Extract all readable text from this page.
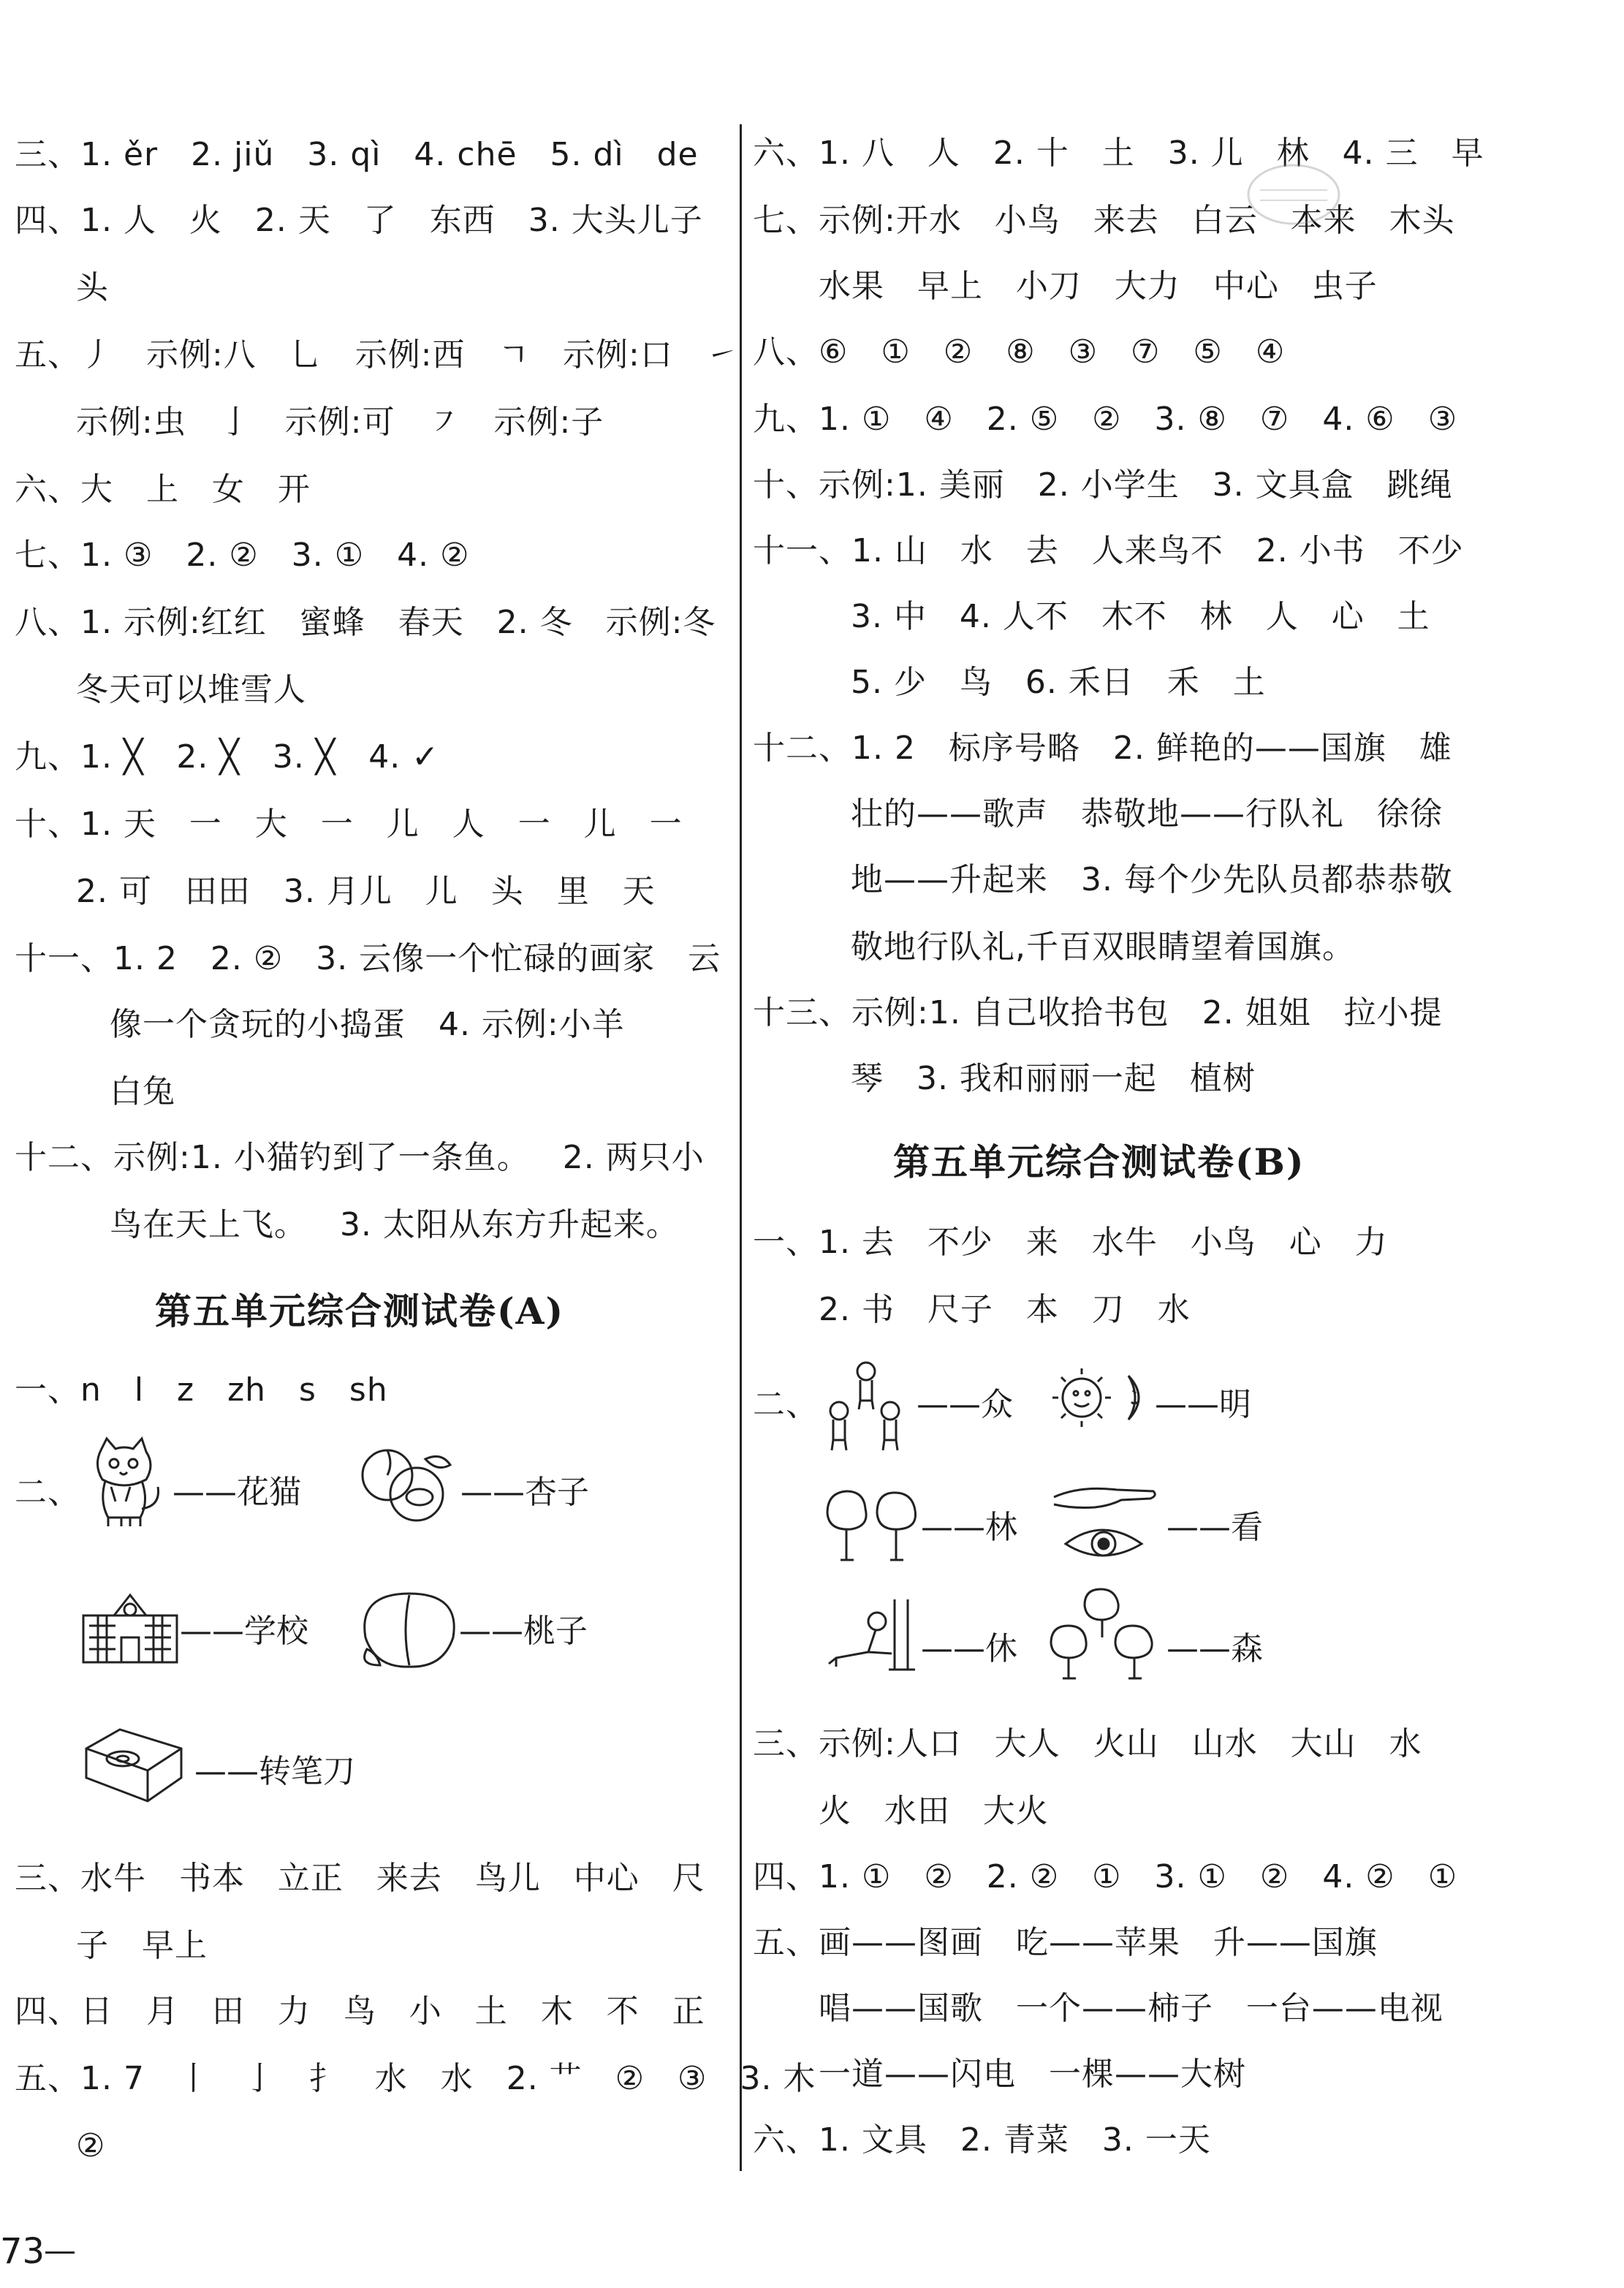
三、1. ěr   2. jiǔ   3. qì   4. chē   5. dì   de
四、1. 人   火   2. 天   了   东西   3. 大头儿子
头
五、丿   示例:八   乚   示例:西   ㄱ   示例:口   ㇀
示例:虫   亅   示例:可   ㇇   示例:子
六、大   上   女   开
七、1. ③   2. ②   3. ①   4. ②
八、1. 示例:红红   蜜蜂   春天   2. 冬   示例:冬
冬天可以堆雪人
九、1. ╳   2. ╳   3. ╳   4. ✓
十、1. 天   一   大   一   儿   人   一   儿   一
2. 可   田田   3. 月儿   儿   头   里   天
十一、1. 2   2. ②   3. 云像一个忙碌的画家   云
像一个贪玩的小捣蛋   4. 示例:小羊
白兔
十二、示例:1. 小猫钓到了一条鱼。   2. 两只小
鸟在天上飞。   3. 太阳从东方升起来。
第五单元综合测试卷(A)
一、n   l   z   zh   s   sh
二、	——花猫	——杏子
——学校	——桃子
——转笔刀
三、水牛   书本   立正   来去   鸟儿   中心   尺
子   早上
四、日   月   田   力   鸟   小   土   木   不   正
五、1. 7   丨   亅   扌   水   水   2. 艹   ②   ③   3. 木
②
六、1. 八   人   2. 十   土   3. 儿   林   4. 三   早
七、示例:开水   小鸟   来去   白云   本来   木头
水果   早上   小刀   大力   中心   虫子
八、⑥   ①   ②   ⑧   ③   ⑦   ⑤   ④
九、1. ①   ④   2. ⑤   ②   3. ⑧   ⑦   4. ⑥   ③
十、示例:1. 美丽   2. 小学生   3. 文具盒   跳绳
十一、1. 山   水   去   人来鸟不   2. 小书   不少
3. 中   4. 人不   木不   林   人   心   土
5. 少   鸟   6. 禾日   禾   土
十二、1. 2   标序号略   2. 鲜艳的——国旗   雄
壮的——歌声   恭敬地——行队礼   徐徐
地——升起来   3. 每个少先队员都恭恭敬
敬地行队礼,千百双眼睛望着国旗。
十三、示例:1. 自己收拾书包   2. 姐姐   拉小提
琴   3. 我和丽丽一起   植树
第五单元综合测试卷(B)
一、1. 去   不少   来   水牛   小鸟   心   力
2. 书   尺子   本   刀   水
二、	——众	——明
——林	——看
——休	——森
三、示例:人口   大人   火山   山水   大山   水
火   水田   大火
四、1. ①   ②   2. ②   ①   3. ①   ②   4. ②   ①
五、画——图画   吃——苹果   升——国旗
唱——国歌   一个——柿子   一台——电视
一道——闪电   一棵——大树
六、1. 文具   2. 青菜   3. 一天
73
